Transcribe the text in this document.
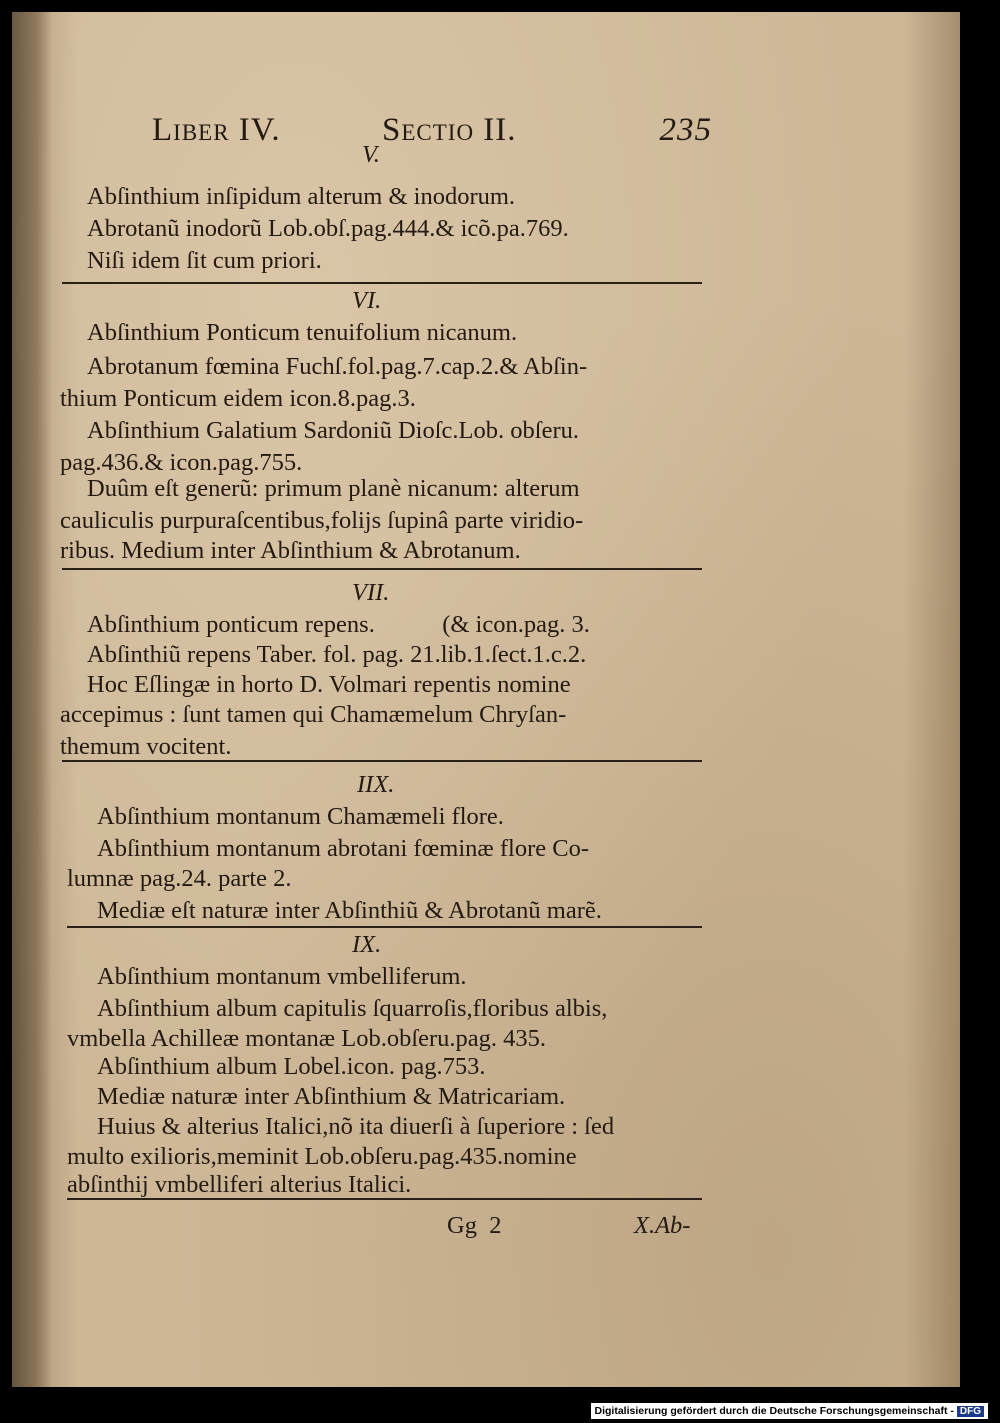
Liber IV.	Sectio II.	235
V.
Abſinthium inſipidum alterum & inodorum.
Abrotanũ inodorũ Lob.obſ.pag.444.& icõ.pa.769.
Niſi idem ſit cum priori.
VI.
Abſinthium Ponticum tenuifolium nicanum.
Abrotanum fœmina Fuchſ.fol.pag.7.cap.2.& Abſin-
thium Ponticum eidem icon.8.pag.3.
Abſinthium Galatium Sardoniũ Dioſc.Lob. obſeru.
pag.436.& icon.pag.755.
Duûm eſt generũ: primum planè nicanum: alterum
cauliculis purpuraſcentibus,folijs ſupinâ parte viridio-
ribus. Medium inter Abſinthium & Abrotanum.
VII.
Abſinthium ponticum repens.           (& icon.pag. 3.
Abſinthiũ repens Taber. fol. pag. 21.lib.1.ſect.1.c.2.
Hoc Eſlingæ in horto D. Volmari repentis nomine
accepimus : ſunt tamen qui Chamæmelum Chryſan-
themum vocitent.
IIX.
Abſinthium montanum Chamæmeli flore.
Abſinthium montanum abrotani fœminæ flore Co-
lumnæ pag.24. parte 2.
Mediæ eſt naturæ inter Abſinthiũ & Abrotanũ marẽ.
IX.
Abſinthium montanum vmbelliferum.
Abſinthium album capitulis ſquarroſis,floribus albis,
vmbella Achilleæ montanæ Lob.obſeru.pag. 435.
Abſinthium album Lobel.icon. pag.753.
Mediæ naturæ inter Abſinthium & Matricariam.
Huius & alterius Italici,nõ ita diuerſi à ſuperiore : ſed
multo exilioris,meminit Lob.obſeru.pag.435.nomine
abſinthij vmbelliferi alterius Italici.
Gg  2	X.Ab-
Digitalisierung gefördert durch die Deutsche Forschungsgemeinschaft - DFG
